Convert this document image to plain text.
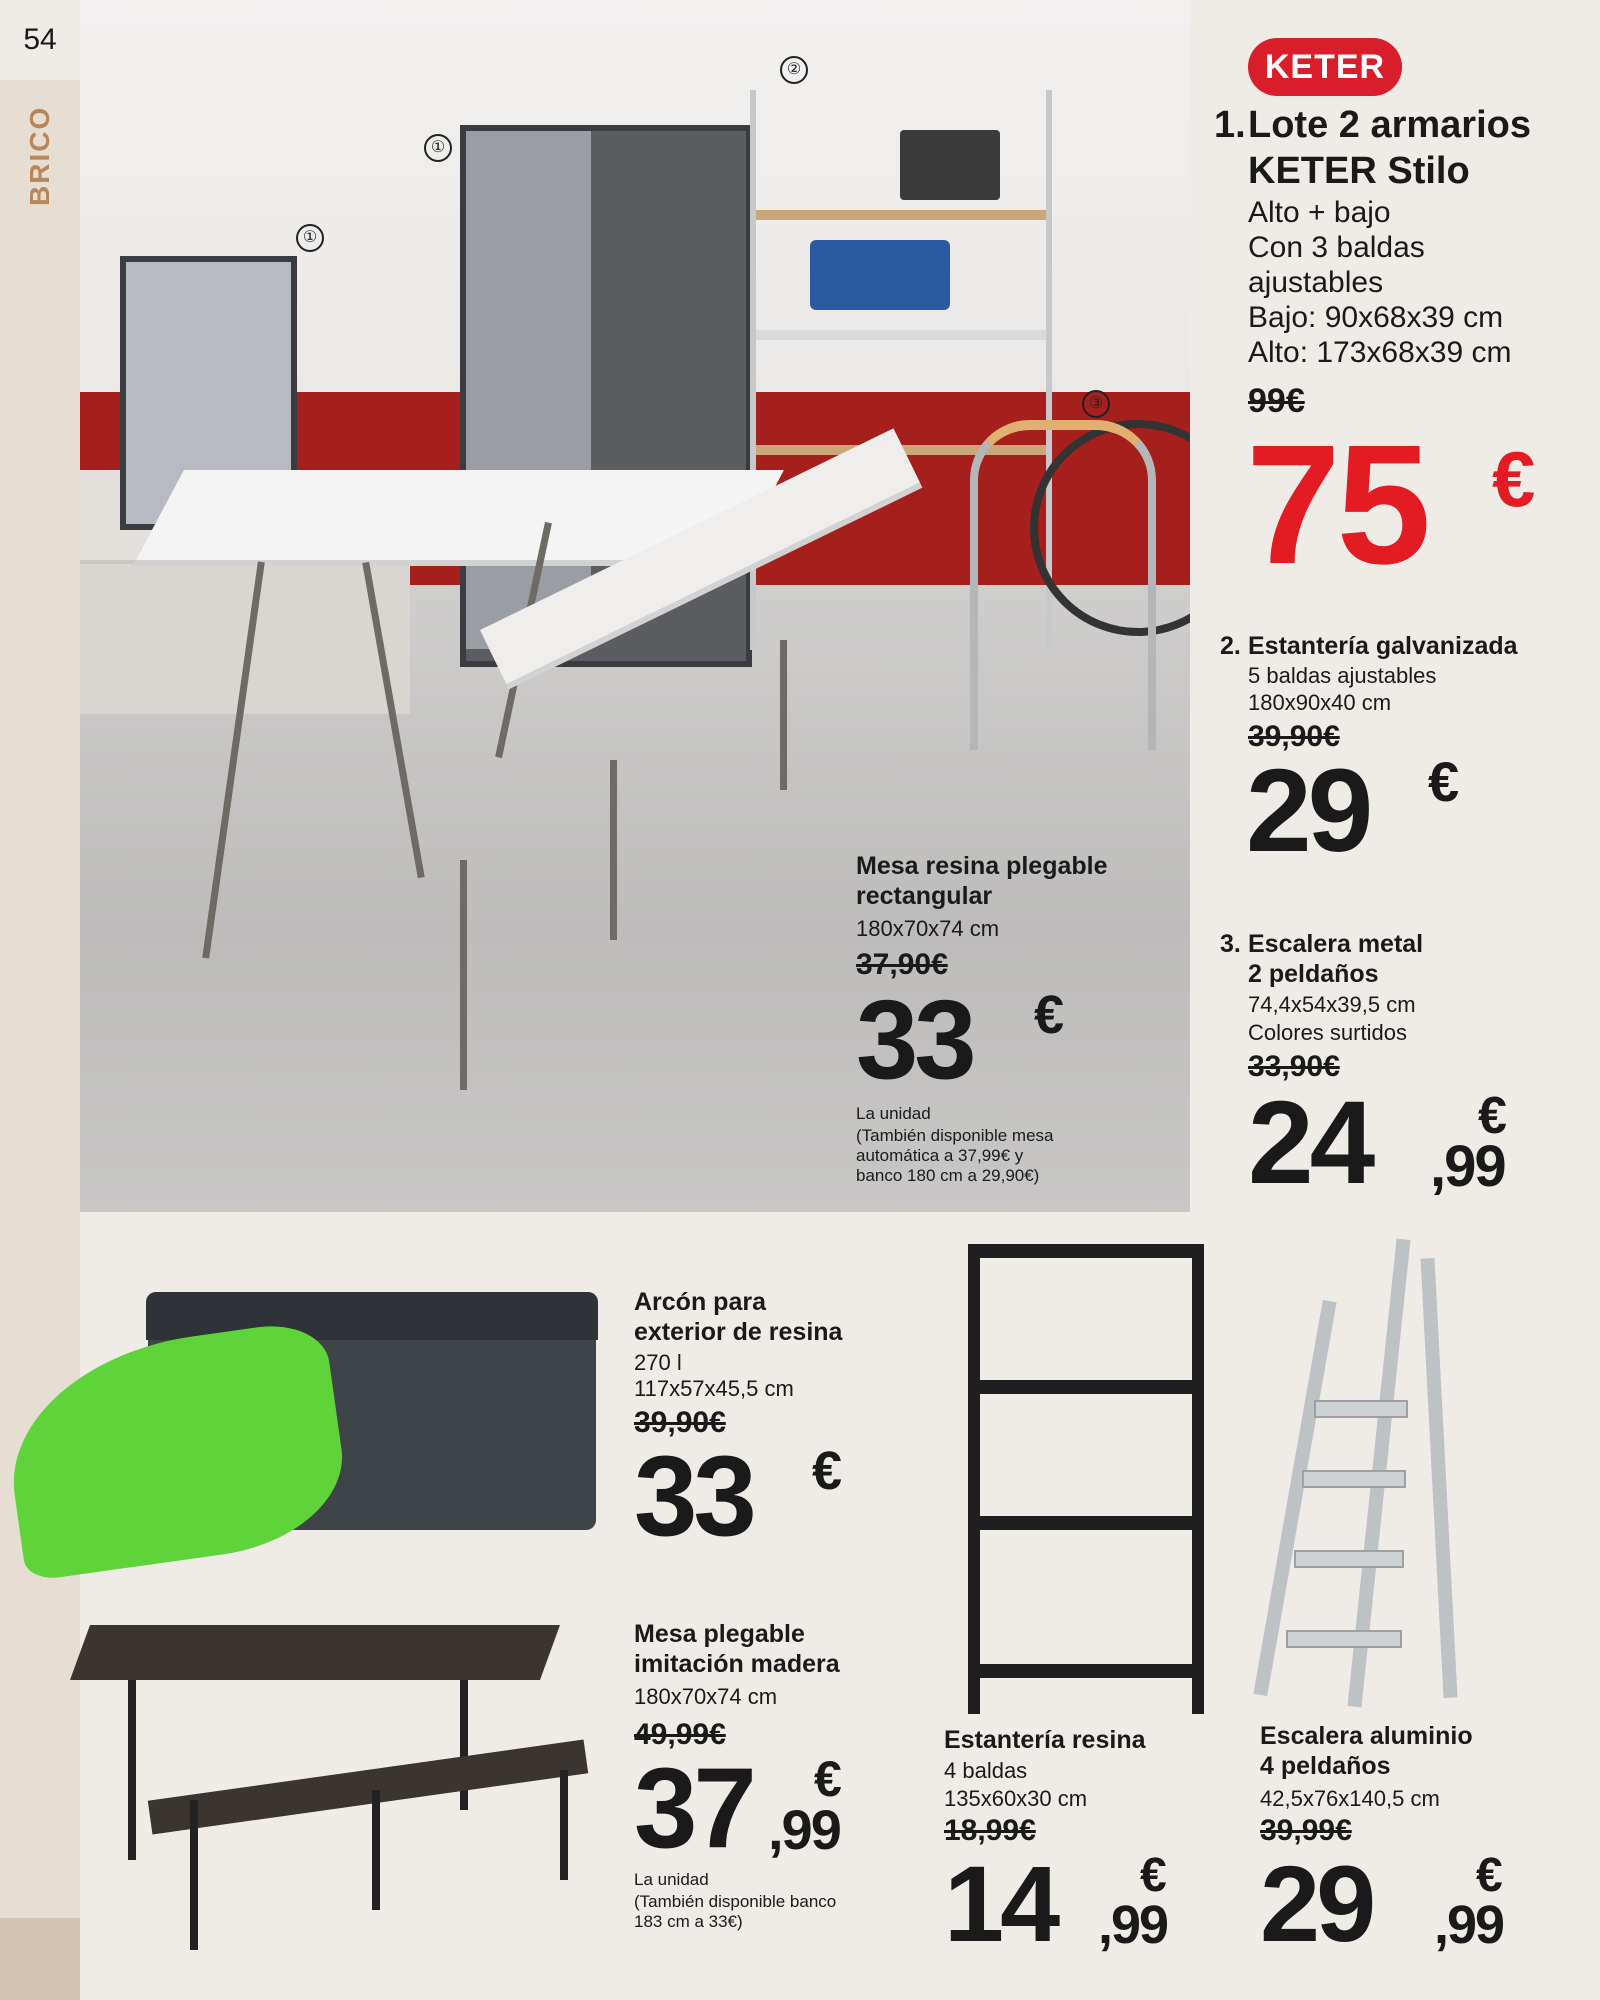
54
BRICO	①
①
②
③
KETER
1. Lote 2 armarios
KETER Stilo
Alto + bajo
Con 3 baldas
ajustables
Bajo: 90x68x39 cm
Alto: 173x68x39 cm
99€
75 €
2. Estantería galvanizada
5 baldas ajustables
180x90x40 cm
39,90€
29 €
3. Escalera metal
2 peldaños
74,4x54x39,5 cm
Colores surtidos
33,90€
24 €
,99
Mesa resina plegable
rectangular
180x70x74 cm
37,90€
33 €
La unidad
(También disponible mesa
automática a 37,99€ y
banco 180 cm a 29,90€)
Arcón para
exterior de resina
270 l
117x57x45,5 cm
39,90€
33 €
Mesa plegable
imitación madera
180x70x74 cm
49,99€
37 €
,99
La unidad
(También disponible banco
183 cm a 33€)
Estantería resina
4 baldas
135x60x30 cm
18,99€
14 €
,99
Escalera aluminio
4 peldaños
42,5x76x140,5 cm
39,99€
29 €
,99
